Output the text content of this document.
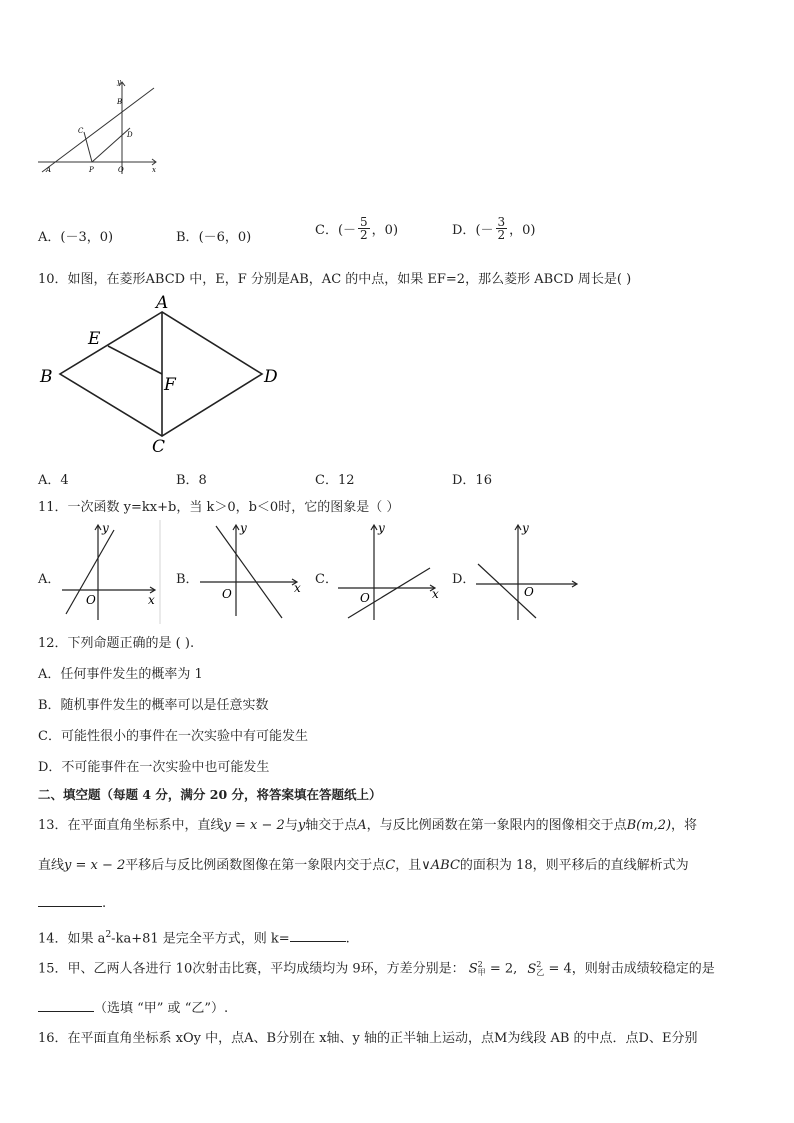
y
B
C	D
A	P	O	x
A．(－3，0)	B．(－6，0)	C．(－ $\frac{5}{2}$ ，0)	D．(－ $\frac{3}{2}$ ，0)
10．如图，在菱形ABCD 中，E，F 分别是AB，AC 的中点，如果 EF=2，那么菱形 ABCD 周长是( )
A
E
B	F	D
C
A．4	B．8	C．12	D．16
11．一次函数 y=kx+b，当 k＞0，b＜0时，它的图象是（ ）
A．
y
O	x
B．
y
O	x
C．
y
O	x
D．
y
O
12．下列命题正确的是 ( ).
A．任何事件发生的概率为 1
B．随机事件发生的概率可以是任意实数
C．可能性很小的事件在一次实验中有可能发生
D．不可能事件在一次实验中也可能发生
二、填空题（每题 4 分，满分 20 分，将答案填在答题纸上）
13．在平面直角坐标系中，直线y = x − 2与y轴交于点A，与反比例函数在第一象限内的图像相交于点B(m,2)，将
直线y = x − 2平移后与反比例函数图像在第一象限内交于点C，且∨ABC的面积为 18，则平移后的直线解析式为
.
14．如果 $a^2-ka+81$ 是完全平方式，则 k=	.
15．甲、乙两人各进行 10次射击比赛，平均成绩均为 9环，方差分别是： S 2
甲 = 2, S 2
乙 = 4，则射击成绩较稳定的是
（选填 “甲” 或 “乙”）.
16．在平面直角坐标系 xOy 中，点A、B分别在 x轴、y 轴的正半轴上运动，点M为线段 AB 的中点．点D、E分别
